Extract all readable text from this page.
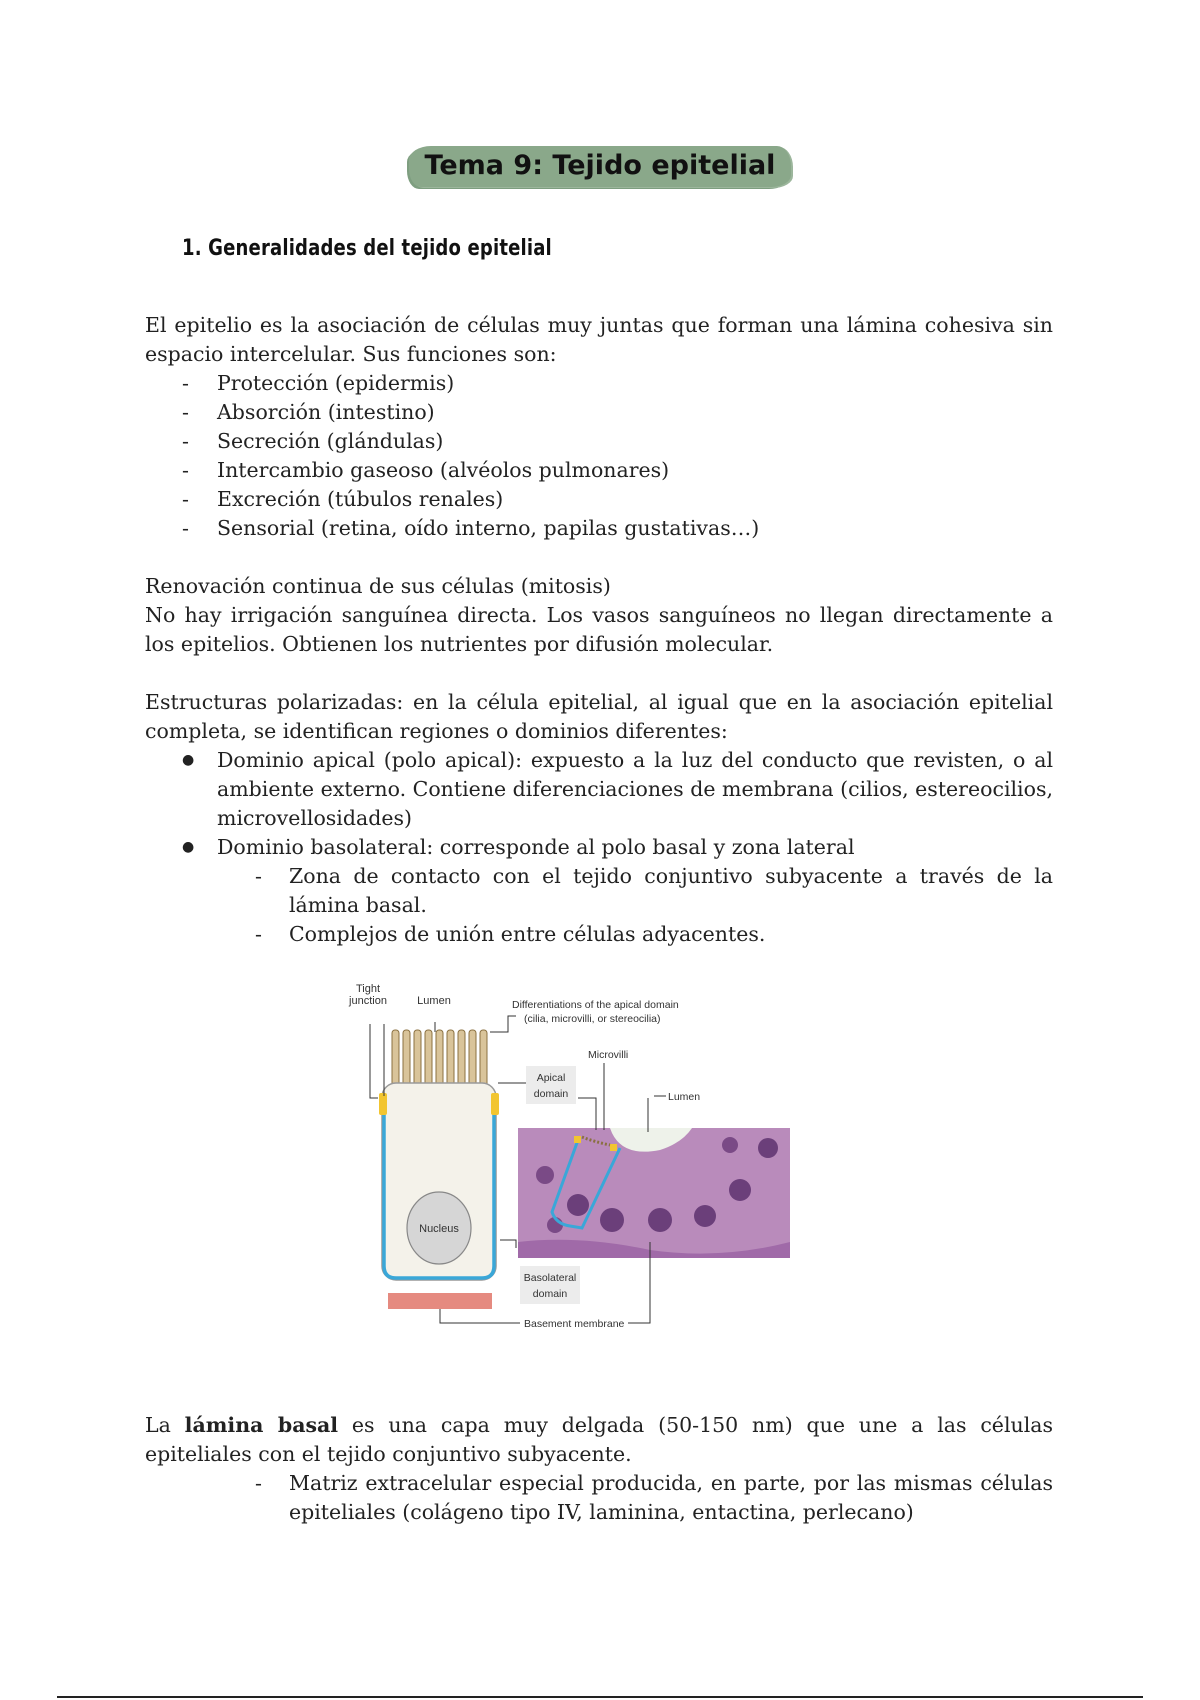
Tema 9: Tejido epitelial
1. Generalidades del tejido epitelial

El epitelio es la asociación de células muy juntas que forman una lámina cohesiva sin espacio intercelular. Sus funciones son:

- Protección (epidermis)
- Absorción (intestino)
- Secreción (glándulas)
- Intercambio gaseoso (alvéolos pulmonares)
- Excreción (túbulos renales)
- Sensorial (retina, oído interno, papilas gustativas…)

Renovación continua de sus células (mitosis)

No hay irrigación sanguínea directa. Los vasos sanguíneos no llegan directamente a los epitelios. Obtienen los nutrientes por difusión molecular.

Estructuras polarizadas: en la célula epitelial, al igual que en la asociación epitelial completa, se identifican regiones o dominios diferentes:

● Dominio apical (polo apical): expuesto a la luz del conducto que revisten, o al ambiente externo. Contiene diferenciaciones de membrana (cilios, estereocilios, microvellosidades)
● Dominio basolateral: corresponde al polo basal y zona lateral
- Zona de contacto con el tejido conjuntivo subyacente a través de la lámina basal.
- Complejos de unión entre células adyacentes.
Nucleus
Tight
junction	Lumen	Differentiations of the apical domain
(cilia, microvilli, or stereocilia)
Microvilli
Apical
domain	Lumen
Basolateral
domain
Basement membrane

La lámina basal es una capa muy delgada (50-150 nm) que une a las células epiteliales con el tejido conjuntivo subyacente.

- Matriz extracelular especial producida, en parte, por las mismas células epiteliales (colágeno tipo IV, laminina, entactina, perlecano)
